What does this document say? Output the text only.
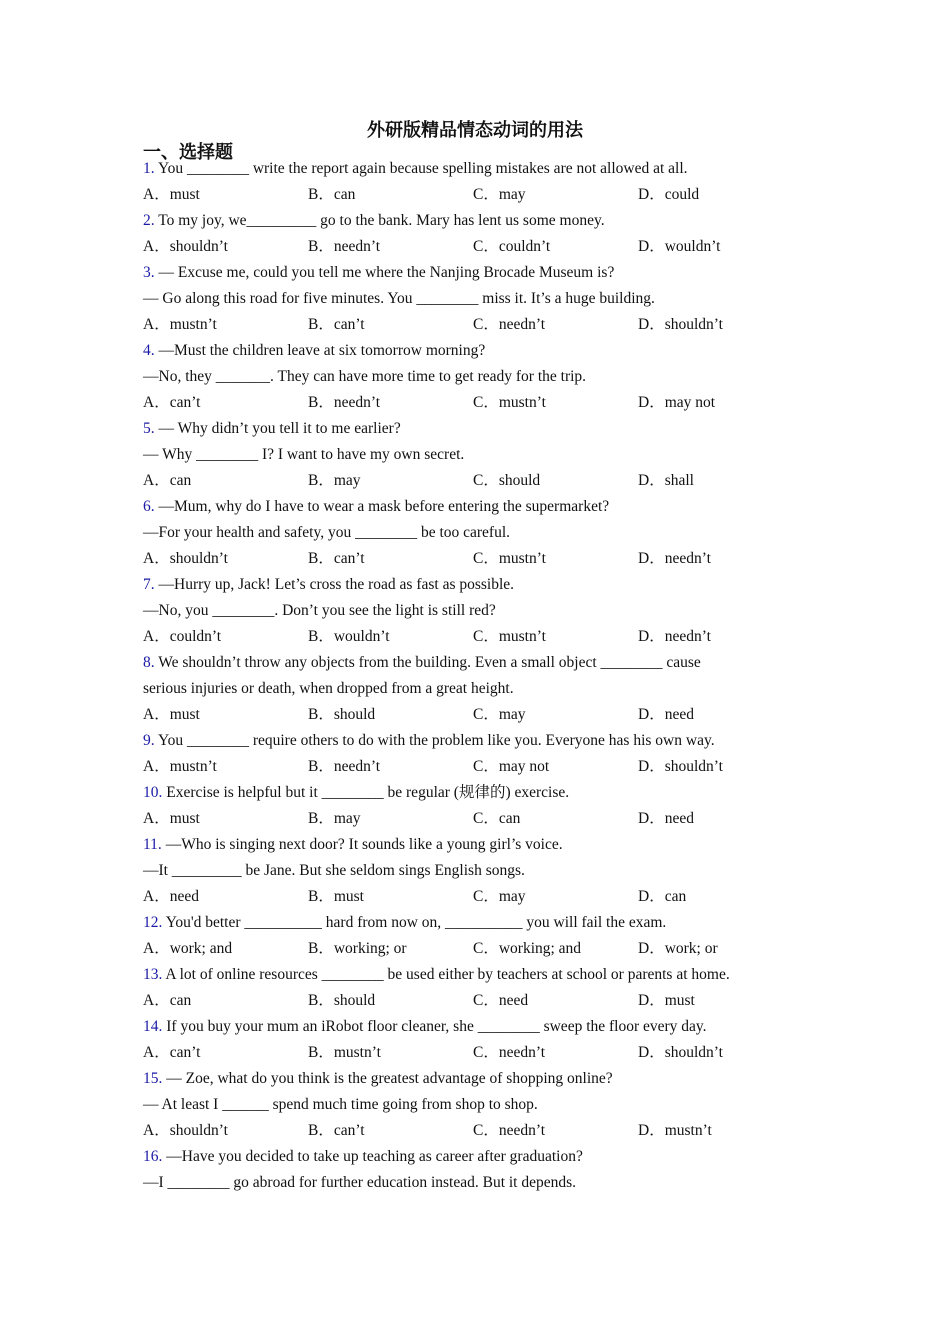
外研版精品情态动词的用法
一、选择题
1. You ________ write the report again because spelling mistakes are not allowed at all.
A．must	B．can	C．may	D．could
2. To my joy, we_________ go to the bank. Mary has lent us some money.
A．shouldn’t	B．needn’t	C．couldn’t	D．wouldn’t
3. — Excuse me, could you tell me where the Nanjing Brocade Museum is?
— Go along this road for five minutes. You ________ miss it. It’s a huge building.
A．mustn’t	B．can’t	C．needn’t	D．shouldn’t
4. —Must the children leave at six tomorrow morning?
—No, they _______. They can have more time to get ready for the trip.
A．can’t	B．needn’t	C．mustn’t	D．may not
5. — Why didn’t you tell it to me earlier?
— Why ________ I? I want to have my own secret.
A．can	B．may	C．should	D．shall
6. —Mum, why do I have to wear a mask before entering the supermarket?
—For your health and safety, you ________ be too careful.
A．shouldn’t	B．can’t	C．mustn’t	D．needn’t
7. —Hurry up, Jack! Let’s cross the road as fast as possible.
—No, you ________. Don’t you see the light is still red?
A．couldn’t	B．wouldn’t	C．mustn’t	D．needn’t
8. We shouldn’t throw any objects from the building. Even a small object ________ cause
serious injuries or death, when dropped from a great height.
A．must	B．should	C．may	D．need
9. You ________ require others to do with the problem like you. Everyone has his own way.
A．mustn’t	B．needn’t	C．may not	D．shouldn’t
10. Exercise is helpful but it ________ be regular (规律的) exercise.
A．must	B．may	C．can	D．need
11. —Who is singing next door? It sounds like a young girl’s voice.
—It _________ be Jane. But she seldom sings English songs.
A．need	B．must	C．may	D．can
12. You'd better __________ hard from now on, __________ you will fail the exam.
A．work; and	B．working; or	C．working; and	D．work; or
13. A lot of online resources ________ be used either by teachers at school or parents at home.
A．can	B．should	C．need	D．must
14. If you buy your mum an iRobot floor cleaner, she ________ sweep the floor every day.
A．can’t	B．mustn’t	C．needn’t	D．shouldn’t
15. — Zoe, what do you think is the greatest advantage of shopping online?
— At least I ______ spend much time going from shop to shop.
A．shouldn’t	B．can’t	C．needn’t	D．mustn’t
16. —Have you decided to take up teaching as career after graduation?
—I ________ go abroad for further education instead. But it depends.
